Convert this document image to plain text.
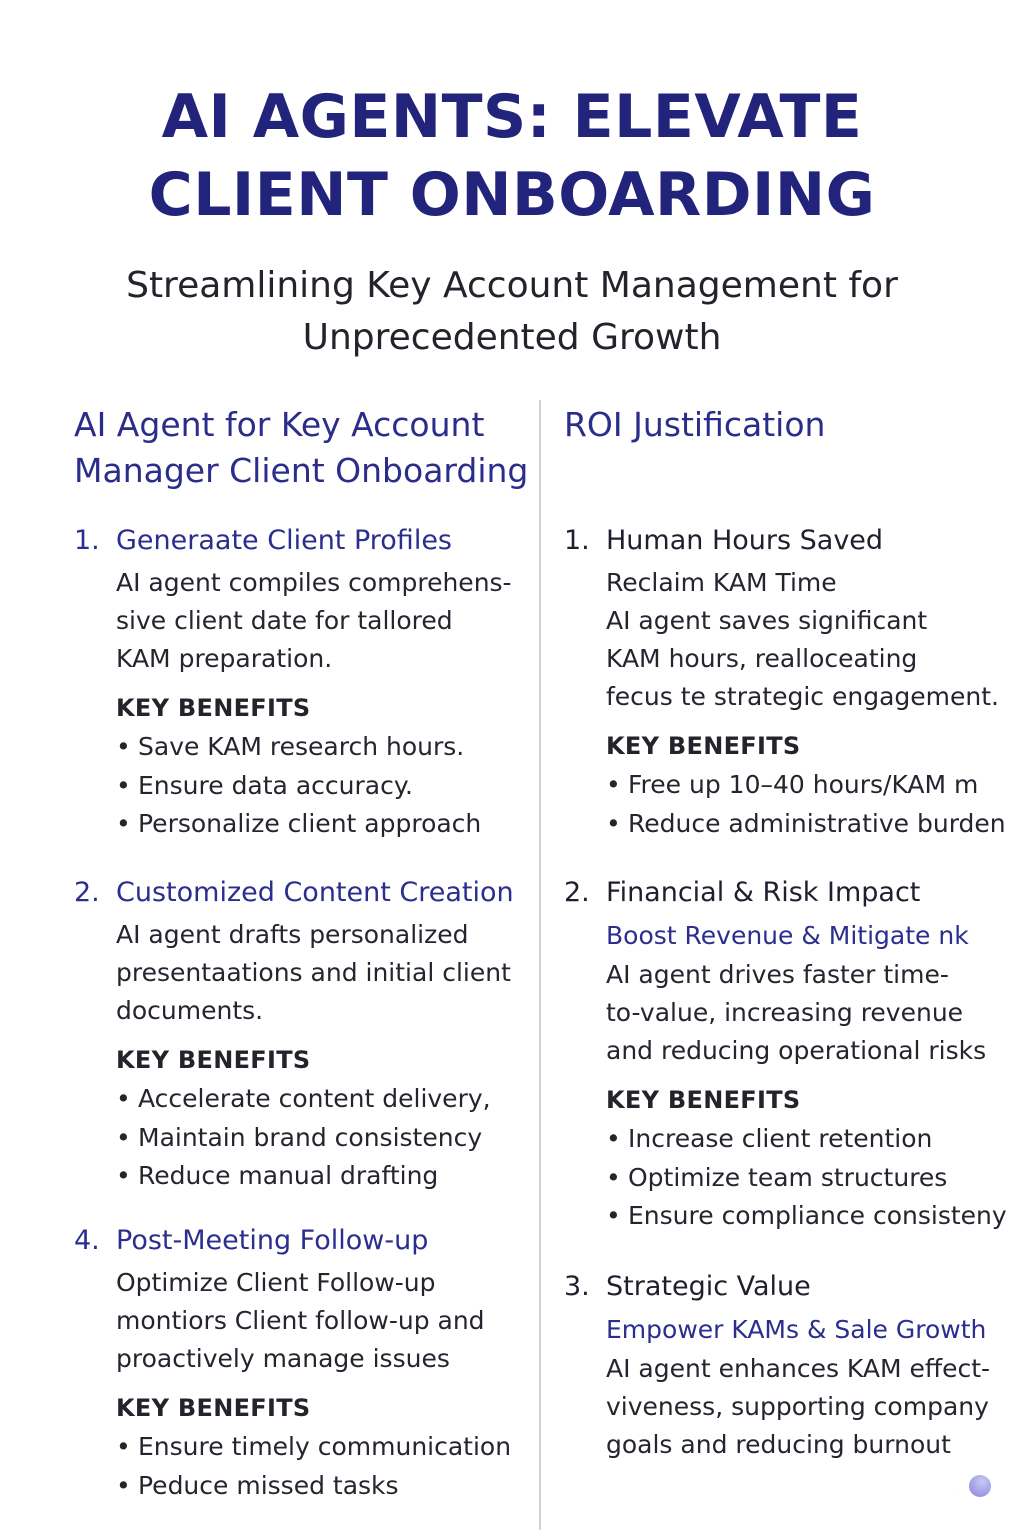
AI AGENTS: ELEVATE
CLIENT ONBOARDING

Streamlining Key Account Management for
Unprecedented Growth

AI Agent for Key Account
Manager Client Onboarding
1. Generaate Client Profiles
AI agent compiles comprehens-
sive client date for tallored
KAM preparation.
KEY BENEFITS
• Save KAM research hours.
• Ensure data accuracy.
• Personalize client approach
2. Customized Content Creation
AI agent drafts personalized
presentaations and initial client
documents.
KEY BENEFITS
• Accelerate content delivery,
• Maintain brand consistency
• Reduce manual drafting
4. Post-Meeting Follow-up
Optimize Client Follow-up
montiors Client follow-up and
proactively manage issues
KEY BENEFITS
• Ensure timely communication
• Peduce missed tasks
ROI Justification
1. Human Hours Saved
Reclaim KAM Time
AI agent saves significant
KAM hours, realloceating
fecus te strategic engagement.
KEY BENEFITS
• Free up 10–40 hours/KAM m
• Reduce administrative burden
2. Financial & Risk Impact
Boost Revenue & Mitigate nk
AI agent drives faster time-
to-value, increasing revenue
and reducing operational risks
KEY BENEFITS
• Increase client retention
• Optimize team structures
• Ensure compliance consisteny
3. Strategic Value
Empower KAMs & Sale Growth
AI agent enhances KAM effect-
viveness, supporting company
goals and reducing burnout
